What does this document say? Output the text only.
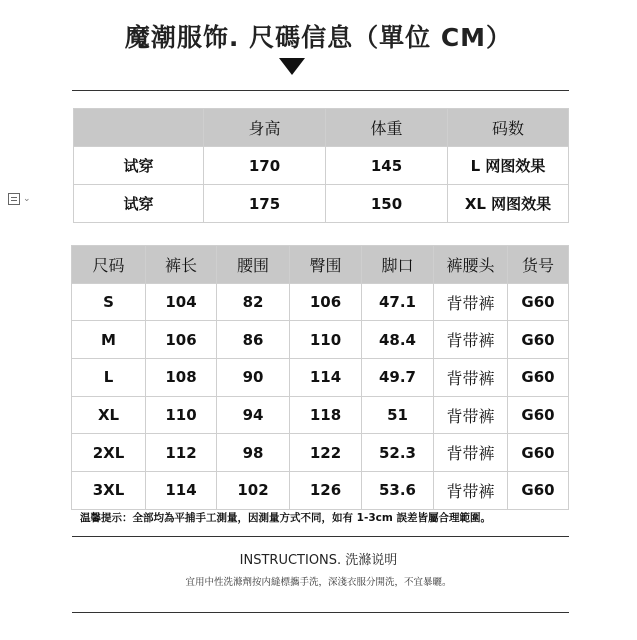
魔潮服饰. 尺碼信息（單位 CM）
⌄
	身高	体重	码数
试穿	170	145	L 网图效果
试穿	175	150	XL 网图效果
尺码	裤长	腰围	臀围	脚口	裤腰头	货号
S	104	82	106	47.1	背带裤	G60
M	106	86	110	48.4	背带裤	G60
L	108	90	114	49.7	背带裤	G60
XL	110	94	118	51	背带裤	G60
2XL	112	98	122	52.3	背带裤	G60
3XL	114	102	126	53.6	背带裤	G60
温馨提示：全部均為平捕手工測量，因測量方式不同，如有 1-3cm 誤差皆屬合理範圍。
INSTRUCTIONS. 洗滌说明
宜用中性洗滌劑按内縫標攜手洗，深淺衣服分開洗，不宜暴曬。
